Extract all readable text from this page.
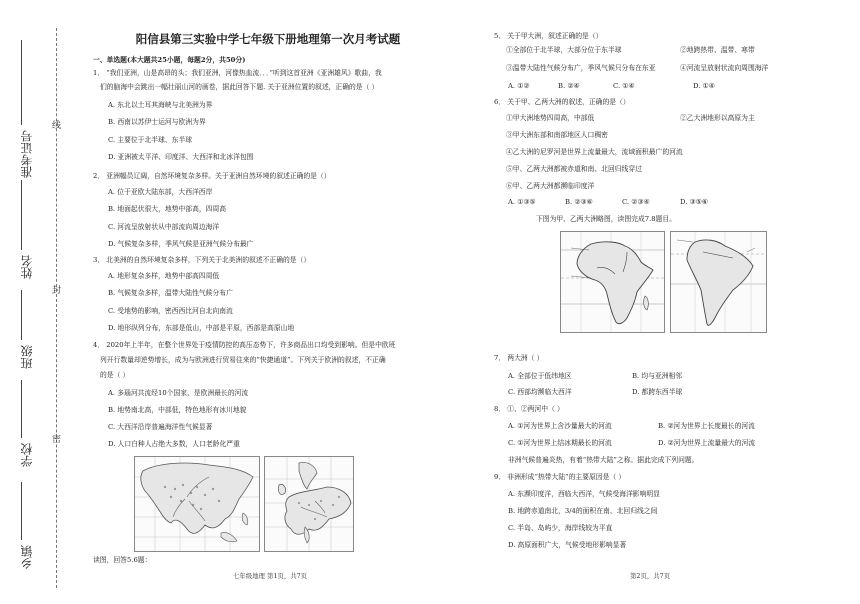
线
封
密
准考证号
姓名
班级
学校
乡镇
阳信县第三实验中学七年级下册地理第一次月考试题
一、单选题(本大题共25小题，每题2分，共50分)
1． “我们亚洲，山是高昂的头；我们亚洲，河像热血流．．．”听到这首亚洲《亚洲雄风》歌曲，我
们的脑海中会跳出一幅壮丽山河的画卷，据此回答下题. 关于亚洲位置的叙述，正确的是（ ）
A. 东北以土耳其海峡与北美洲为界
B. 西南以苏伊士运河与欧洲为界
C. 主要位于北半球、东半球
D. 亚洲被太平洋、印度洋、大西洋和北冰洋包围
2． 亚洲幅员辽阔，自然环境复杂多样。关于亚洲自然环境的叙述正确的是（）
A. 位于亚欧大陆东部，大西洋西岸
B. 地面起伏很大，地势中部高，四周高
C. 河流呈放射状从中部流向周边海洋
D. 气候复杂多样，季风气候是亚洲气候分布最广
3． 北美洲的自然环境复杂多样，下列关于北美洲的叙述不正确的是（）
A. 地形复杂多样，地势中部高四周低
B. 气候复杂多样，温带大陆性气候分布广
C. 受地势的影响，密西西比河自北向南流
D. 地形纵列分布，东部是低山，中部是平原，西部是高原山地
4． 2020年上半年，在整个世界处于疫情防控的高压态势下，许多商品出口均受到影响。但是中欧班
列开行数量却逆势增长，成为与欧洲进行贸易往来的“快捷通道”。下列关于欧洲的叙述，不正确
的是（ ）
A. 多瑙河共流经10个国家，是欧洲最长的河流
B. 地势南北高，中部低，特色地形有冰川地貌
C. 大西洋沿岸普遍海洋性气候显著
D. 人口白种人占绝大多数，人口老龄化严重
读图，回答5.6题：
七年级地理 第1页，共7页
5． 关于甲大洲，叙述正确的是（）
①全部位于北半球，大部分位于东半球	②地跨热带、温带、寒带
③温带大陆性气候分布广，季风气候只分布在东亚	④河流呈放射状流向周围海洋
A. ①②	B. ②④	C. ①④	D. ①④
6． 关于甲、乙两大洲的叙述，正确的是（）
①甲大洲地势四周高，中部低	②乙大洲地形以高原为主
③甲大洲东部和南部地区人口稠密
④乙大洲的尼罗河是世界上流量最大，流域面积最广的河流
⑤甲、乙两大洲都被赤道和南、北回归线穿过
⑥甲、乙两大洲都濒临印度洋
A. ①③⑤	B. ②③⑥	C. ②③④	D. ③⑤⑥
下图为甲、乙两大洲略图，读图完成7.8题目。
7． 两大洲（ ）
A. 全部位于低纬地区	B. 均与亚洲相邻
C. 西部均濒临大西洋	D. 都跨东西半球
8． ①、②两河中（ ）
A. ①河为世界上含沙量最大的河流	B. ②河为世界上长度最长的河流
C. ①河为世界上结冰期最长的河流	D. ②河为世界上流量最大的河流
非洲气候普遍炎热，有着“热带大陆”之称。据此完成下列问题。
9． 非洲形成“热带大陆”的主要原因是（ ）
A. 东濒印度洋，西临大西洋，气候受海洋影响明显
B. 地跨赤道南北，3/4的面积在南、北回归线之间
C. 半岛、岛屿少，海岸线较为平直
D. 高原面积广大，气候受地形影响显著
第2页，共7页
